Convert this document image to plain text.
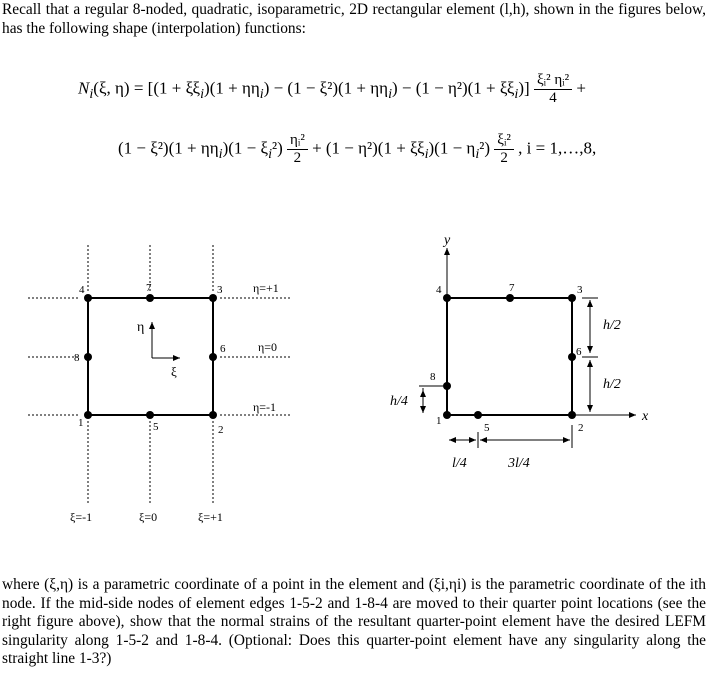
Recall that a regular 8-noded, quadratic, isoparametric, 2D rectangular element (l,h), shown in the figures below, has the following shape (interpolation) functions:

$N_i(\xi$, $\eta) = [(1 + \xi\xi_i)(1 + \eta\eta_i) - (1 - \xi^2)(1 + \eta\eta_i) - (1 - \eta^2)(1 + \xi\xi_i)] \frac{\text{ξᵢ² ηᵢ²}}{4}$ +
$(1 - \xi^2)(1 + \eta\eta_i)(1 - \xi_i^2) \frac{\text{ηᵢ²}}{2} + (1 - \eta^2)(1 + \xi\xi_i)(1 - \eta_i^2) \frac{\text{ξᵢ²}}{2}$ , i = 1,…,8,
1
2
3
4
5
6
7
8
η=+1
η=0
η=-1
ξ=-1	ξ=0	ξ=+1
η
ξ
y
x
1
2
3
4
5
6
7
8
h/2
h/2
h/4
l/4	3l/4

where (ξ,η) is a parametric coordinate of a point in the element and (ξi,ηi) is the parametric coordinate of the ith node. If the mid-side nodes of element edges 1-5-2 and 1-8-4 are moved to their quarter point locations (see the right figure above), show that the normal strains of the resultant quarter-point element have the desired LEFM singularity along 1-5-2 and 1-8-4. (Optional: Does this quarter-point element have any singularity along the straight line 1-3?)
